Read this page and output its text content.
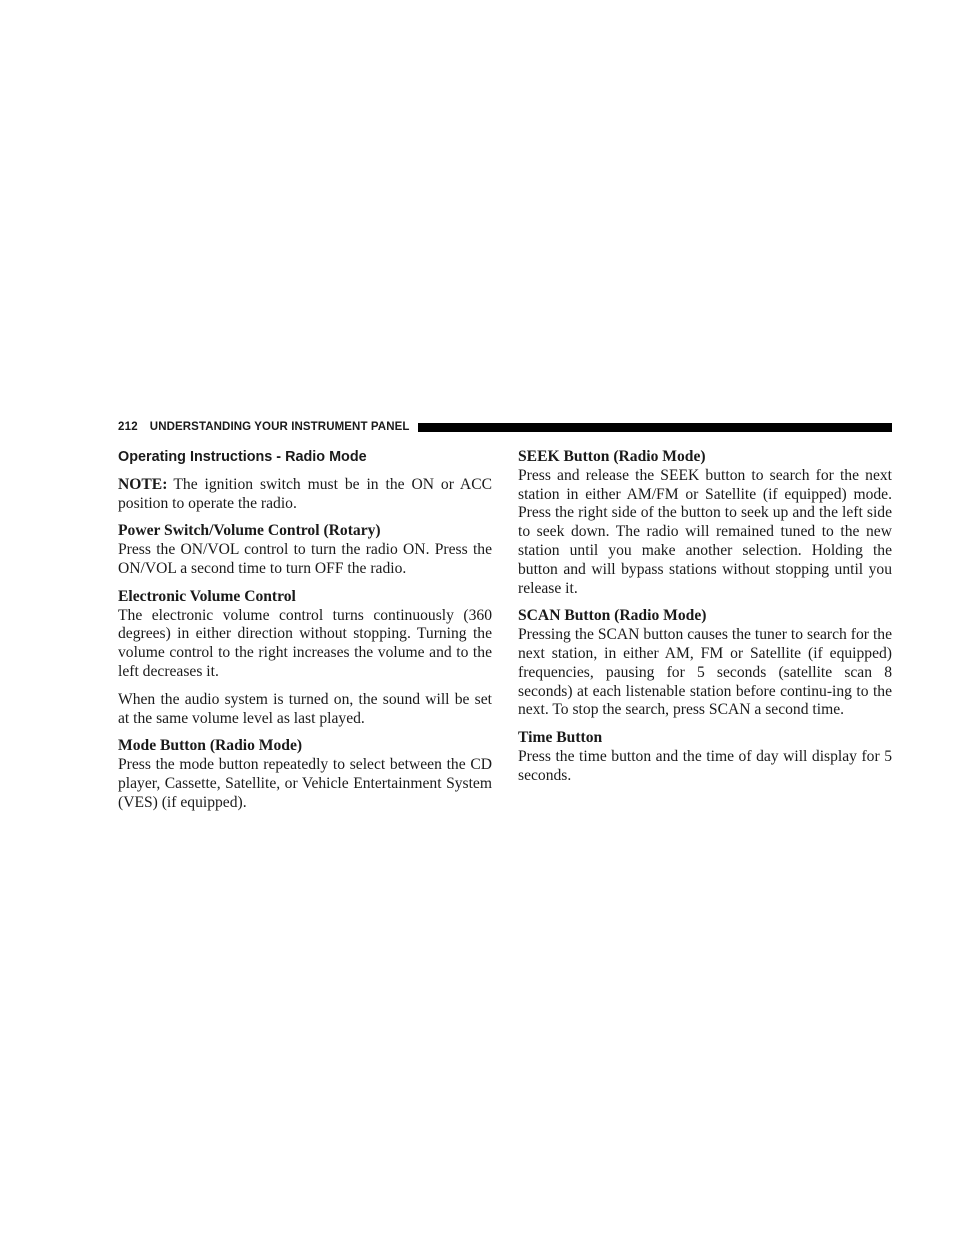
212 UNDERSTANDING YOUR INSTRUMENT PANEL
Operating Instructions - Radio Mode

NOTE: The ignition switch must be in the ON or ACC position to operate the radio.

Power Switch/Volume Control (Rotary)

Press the ON/VOL control to turn the radio ON. Press the ON/VOL a second time to turn OFF the radio.

Electronic Volume Control

The electronic volume control turns continuously (360 degrees) in either direction without stopping. Turning the volume control to the right increases the volume and to the left decreases it.

When the audio system is turned on, the sound will be set at the same volume level as last played.

Mode Button (Radio Mode)

Press the mode button repeatedly to select between the CD player, Cassette, Satellite, or Vehicle Entertainment System (VES) (if equipped).

SEEK Button (Radio Mode)

Press and release the SEEK button to search for the next station in either AM/FM or Satellite (if equipped) mode. Press the right side of the button to seek up and the left side to seek down. The radio will remained tuned to the new station until you make another selection. Holding the button and will bypass stations without stopping until you release it.

SCAN Button (Radio Mode)

Pressing the SCAN button causes the tuner to search for the next station, in either AM, FM or Satellite (if equipped) frequencies, pausing for 5 seconds (satellite scan 8 seconds) at each listenable station before continu-ing to the next. To stop the search, press SCAN a second time.

Time Button

Press the time button and the time of day will display for 5 seconds.
